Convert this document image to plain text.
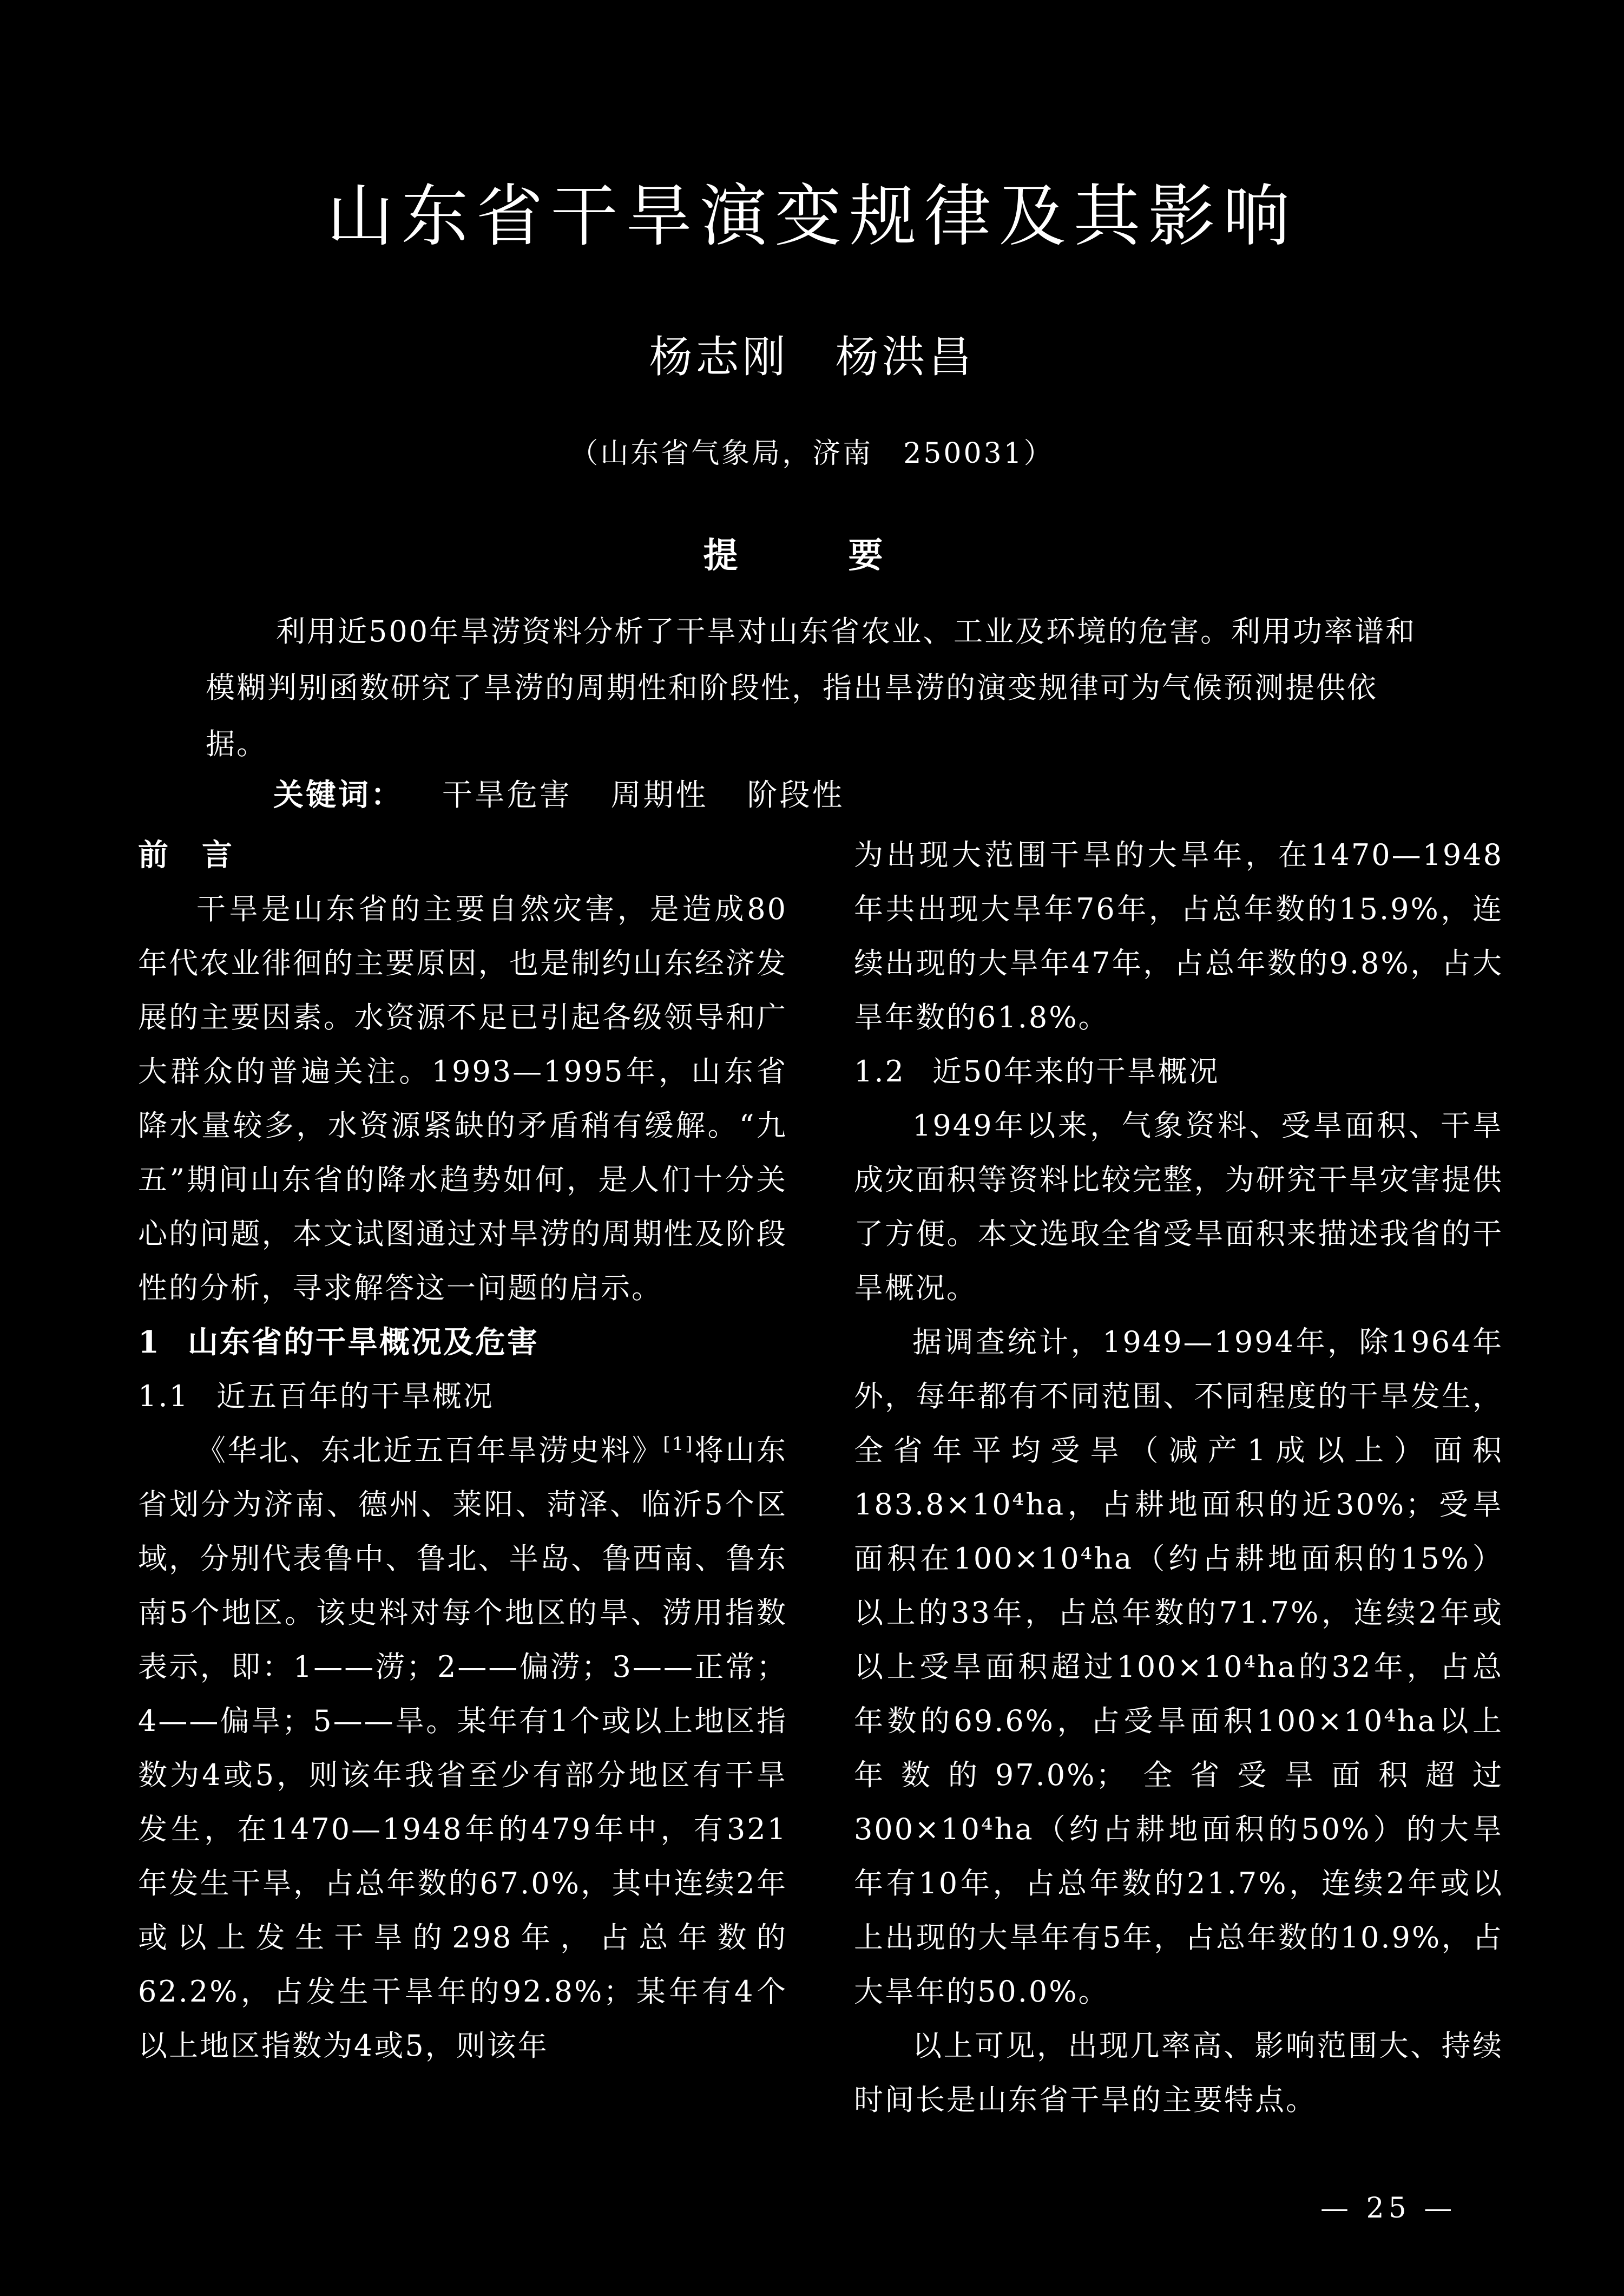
山东省干旱演变规律及其影响
杨志刚　杨洪昌
（山东省气象局，济南　250031）
提　要
利用近500年旱涝资料分析了干旱对山东省农业、工业及环境的危害。利用功率谱和模糊判别函数研究了旱涝的周期性和阶段性，指出旱涝的演变规律可为气候预测提供依据。
关键词： 干旱危害 周期性 阶段性
前　言

干旱是山东省的主要自然灾害，是造成80年代农业徘徊的主要原因，也是制约山东经济发展的主要因素。水资源不足已引起各级领导和广大群众的普遍关注。1993—1995年，山东省降水量较多，水资源紧缺的矛盾稍有缓解。“九五”期间山东省的降水趋势如何，是人们十分关心的问题，本文试图通过对旱涝的周期性及阶段性的分析，寻求解答这一问题的启示。

1 山东省的干旱概况及危害
1.1 近五百年的干旱概况

《华北、东北近五百年旱涝史料》[1]将山东省划分为济南、德州、莱阳、菏泽、临沂5个区域，分别代表鲁中、鲁北、半岛、鲁西南、鲁东南5个地区。该史料对每个地区的旱、涝用指数表示，即：1——涝；2——偏涝；3——正常；4——偏旱；5——旱。某年有1个或以上地区指数为4或5，则该年我省至少有部分地区有干旱发生，在1470—1948年的479年中，有321年发生干旱，占总年数的67.0%，其中连续2年或以上发生干旱的298年，占总年数的62.2%，占发生干旱年的92.8%；某年有4个以上地区指数为4或5，则该年

为出现大范围干旱的大旱年，在1470—1948年共出现大旱年76年，占总年数的15.9%，连续出现的大旱年47年，占总年数的9.8%，占大旱年数的61.8%。

1.2 近50年来的干旱概况

1949年以来，气象资料、受旱面积、干旱成灾面积等资料比较完整，为研究干旱灾害提供了方便。本文选取全省受旱面积来描述我省的干旱概况。

据调查统计，1949—1994年，除1964年外，每年都有不同范围、不同程度的干旱发生，全省年平均受旱（减产1成以上）面积183.8×10⁴ha，占耕地面积的近30%；受旱面积在100×10⁴ha（约占耕地面积的15%）以上的33年，占总年数的71.7%，连续2年或以上受旱面积超过100×10⁴ha的32年，占总年数的69.6%，占受旱面积100×10⁴ha以上年数的97.0%；全省受旱面积超过300×10⁴ha（约占耕地面积的50%）的大旱年有10年，占总年数的21.7%，连续2年或以上出现的大旱年有5年，占总年数的10.9%，占大旱年的50.0%。

以上可见，出现几率高、影响范围大、持续时间长是山东省干旱的主要特点。

— 25 —
